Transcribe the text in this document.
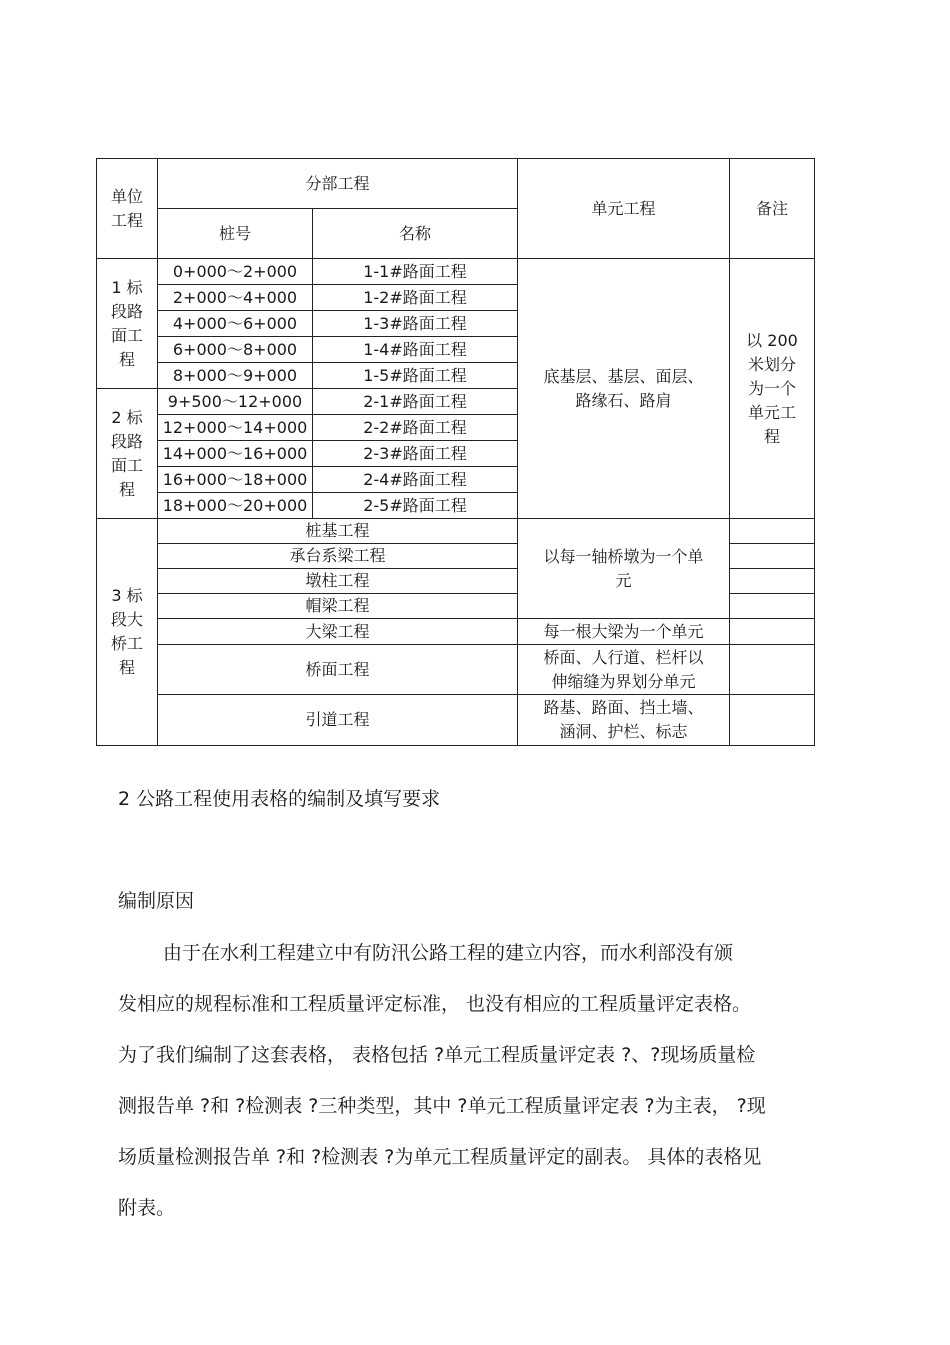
单位
工程	分部工程		单元工程	备注
	桩号	名称		

1 标
段路
面工
程	0+000～2+000	1-1#路面工程	底基层、基层、面层、
路缘石、路肩	以 200
米划分
为一个
单元工
程

	2+000～4+000	1-2#路面工程		
	4+000～6+000	1-3#路面工程		
	6+000～8+000	1-4#路面工程		
	8+000～9+000	1-5#路面工程		

2 标
段路
面工
程	9+500～12+000	2-1#路面工程		
	12+000～14+000	2-2#路面工程		
	14+000～16+000	2-3#路面工程		
	16+000～18+000	2-4#路面工程		
	18+000～20+000	2-5#路面工程		

3 标
段大
桥工
程	桩基工程		以每一轴桥墩为一个单
元	

	承台系梁工程			
	墩柱工程			
	帽梁工程			
	大梁工程		每一根大梁为一个单元	
	桥面工程		桥面、人行道、栏杆以
伸缩缝为界划分单元	

	引道工程		路基、路面、挡土墙、
涵洞、护栏、标志	

2 公路工程使用表格的编制及填写要求
编制原因
由于在水利工程建立中有防汛公路工程的建立内容，而水利部没有颁
发相应的规程标准和工程质量评定标准， 也没有相应的工程质量评定表格。
为了我们编制了这套表格， 表格包括 ?单元工程质量评定表 ?、?现场质量检
测报告单 ?和 ?检测表 ?三种类型，其中 ?单元工程质量评定表 ?为主表， ?现
场质量检测报告单 ?和 ?检测表 ?为单元工程质量评定的副表。 具体的表格见
附表。
